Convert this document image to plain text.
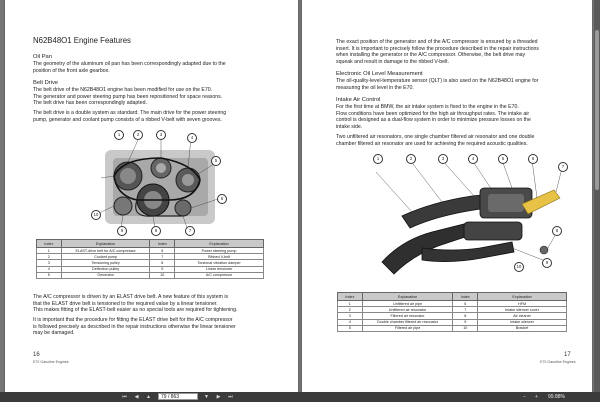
N62B48O1 Engine Features
Oil Pan
The geometry of the aluminum oil pan has been correspondingly adapted due to the
position of the front axle gearbox.
Belt Drive
The belt drive of the N62B48O1 engine has been modified for use on the E70.
The generator and power steering pump has been repositioned for space reasons.
The belt drive has been correspondingly adapted.
The belt drive is a double system as standard. The main drive for the power steering
pump, generator and coolant pump consists of a ribbed V-belt with seven grooves.
1	2	3
4
5
6
7
8
9
10
Index	Explanation	Index	Explanation
1	ELAST-drive belt for A/C compressor	6	Power steering pump
2	Coolant pump	7	Ribbed V-belt
3	Tensioning pulley	8	Torsional vibration damper
4	Deflection pulley	9	Linear tensioner
5	Generator	10	A/C compressor
The A/C compressor is driven by an ELAST drive belt. A new feature of this system is
that the ELAST drive belt is tensioned to the required value by a linear tensioner.
This makes fitting of the ELAST-belt easier as no special tools are required for tightening.
It is important that the procedure for fitting the ELAST drive belt for the A/C compressor
is followed precisely as described in the repair instructions otherwise the linear tensioner
may be damaged.
16
E70 Gasoline Engines
The exact position of the generator and of the A/C compressor is ensured by a threaded
insert. It is important to precisely follow the procedure described in the repair instructions
when installing the generator or the A/C compressor. Otherwise, the belt drive may
squeak and result in damage to the ribbed V-belt.
Electronic Oil Level Measurement
The oil-quality-level-temperature sensor (QLT) is also used on the N62B48O1 engine for
measuring the oil level in the E70.
Intake Air Control
For the first time at BMW, the air intake system is fixed to the engine in the E70.
Flow conditions have been optimized for the high air throughput rates. The intake air
control is designed as a dual-flow system in order to minimize pressure losses on the
intake side.
Two unfiltered air resonators, one single chamber filtered air resonator and one double
chamber filtered air resonator are used for achieving the required acoustic qualities.
1	2	3	4	5	6
7
8
9
10
Index	Explanation	Index	Explanation
1	Unfiltered air pipe	6	HFM
2	Unfiltered air resonator	7	Intake silencer cover
3	Filtered air resonator	8	Air cleaner
4	Double chamber filtered air resonator	9	Intake silencer
5	Filtered air pipe	10	Bracket
17
E70 Gasoline Engines
⏮	◀	▲	79 / 863	▼	▶	⏭	−	+	99.88%
